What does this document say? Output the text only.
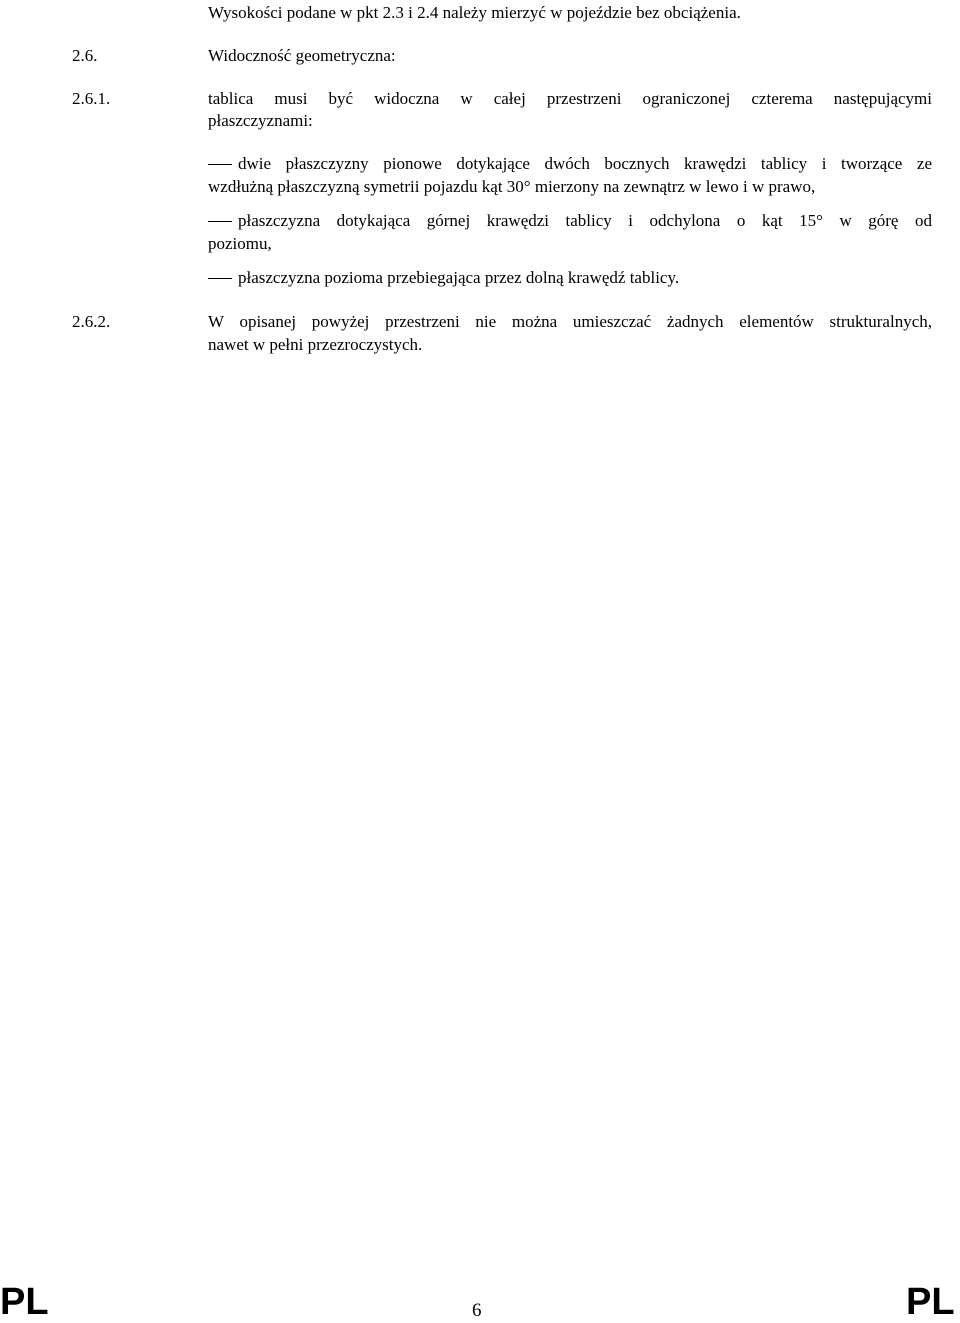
Wysokości podane w pkt 2.3 i 2.4 należy mierzyć w pojeździe bez obciążenia.
2.6.	Widoczność geometryczna:
2.6.1.	tablica musi być widoczna w całej przestrzeni ograniczonej czterema następującymi
płaszczyznami:
dwie płaszczyzny pionowe dotykające dwóch bocznych krawędzi tablicy i tworzące ze
wzdłużną płaszczyzną symetrii pojazdu kąt 30° mierzony na zewnątrz w lewo i w prawo,
płaszczyzna dotykająca górnej krawędzi tablicy i odchylona o kąt 15° w górę od
poziomu,
płaszczyzna pozioma przebiegająca przez dolną krawędź tablicy.
2.6.2.	W opisanej powyżej przestrzeni nie można umieszczać żadnych elementów strukturalnych,
nawet w pełni przezroczystych.
PL	6	PL
